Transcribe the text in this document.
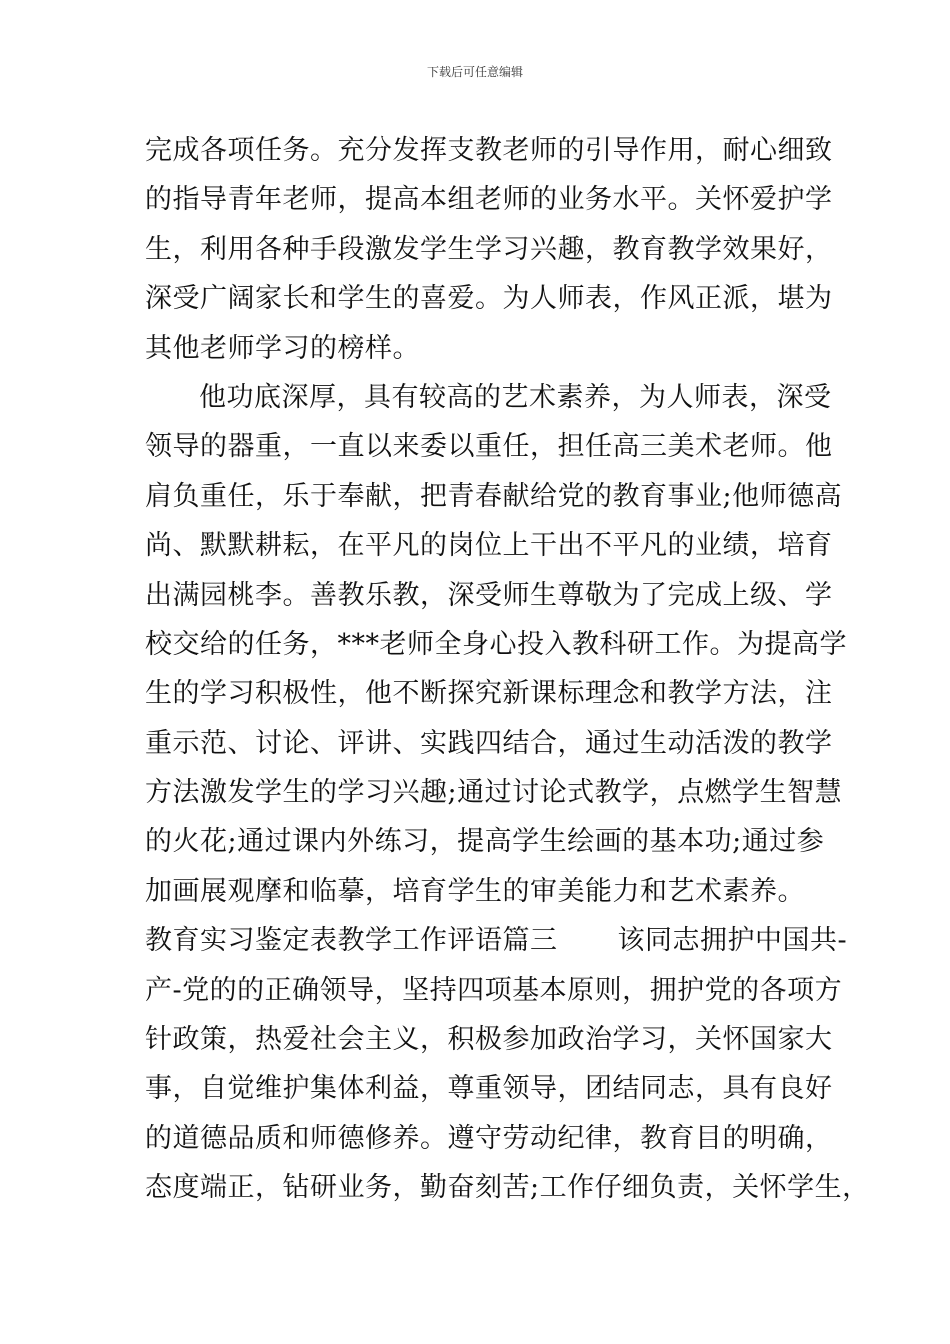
下载后可任意编辑
完成各项任务。充分发挥支教老师的引导作用，耐心细致
的指导青年老师，提高本组老师的业务水平。关怀爱护学
生，利用各种手段激发学生学习兴趣，教育教学效果好，
深受广阔家长和学生的喜爱。为人师表，作风正派，堪为
其他老师学习的榜样。
他功底深厚，具有较高的艺术素养，为人师表，深受
领导的器重，一直以来委以重任，担任高三美术老师。他
肩负重任，乐于奉献，把青春献给党的教育事业;他师德高
尚、默默耕耘，在平凡的岗位上干出不平凡的业绩，培育
出满园桃李。善教乐教，深受师生尊敬为了完成上级、学
校交给的任务，***老师全身心投入教科研工作。为提高学
生的学习积极性，他不断探究新课标理念和教学方法，注
重示范、讨论、评讲、实践四结合，通过生动活泼的教学
方法激发学生的学习兴趣;通过讨论式教学，点燃学生智慧
的火花;通过课内外练习，提高学生绘画的基本功;通过参
加画展观摩和临摹，培育学生的审美能力和艺术素养。
教育实习鉴定表教学工作评语篇三 该同志拥护中国共-
产-党的的正确领导，坚持四项基本原则，拥护党的各项方
针政策，热爱社会主义，积极参加政治学习，关怀国家大
事，自觉维护集体利益，尊重领导，团结同志，具有良好
的道德品质和师德修养。遵守劳动纪律，教育目的明确，
态度端正，钻研业务，勤奋刻苦;工作仔细负责，关怀学生，
